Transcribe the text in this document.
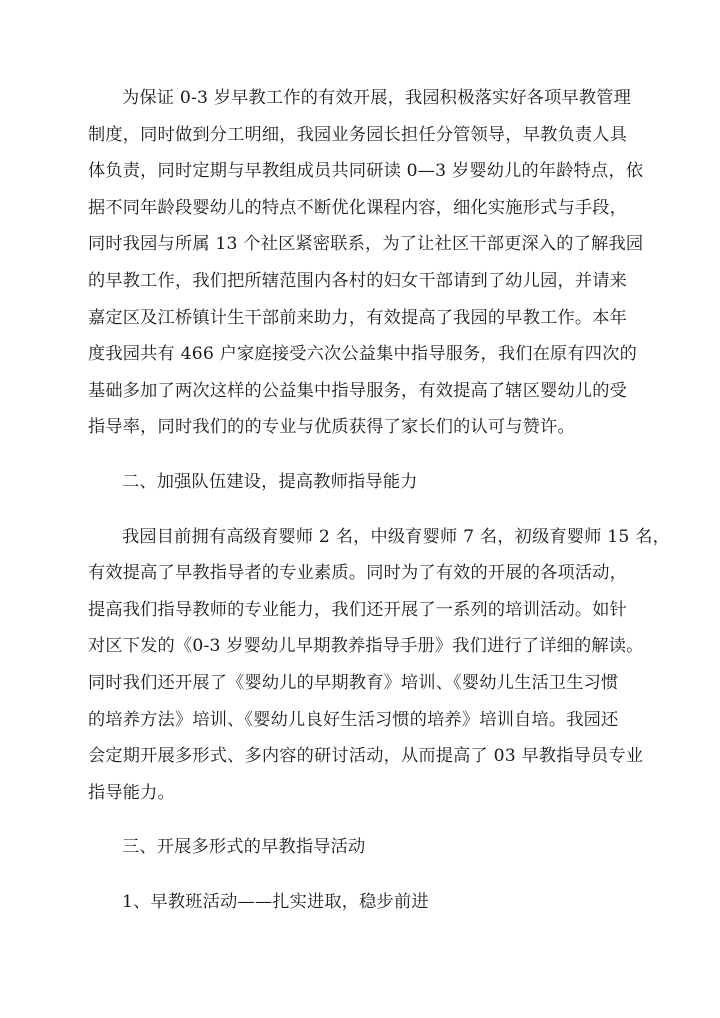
为保证 0-3 岁早教工作的有效开展，我园积极落实好各项早教管理
制度，同时做到分工明细，我园业务园长担任分管领导，早教负责人具
体负责，同时定期与早教组成员共同研读 0—3 岁婴幼儿的年龄特点，依
据不同年龄段婴幼儿的特点不断优化课程内容，细化实施形式与手段，
同时我园与所属 13 个社区紧密联系，为了让社区干部更深入的了解我园
的早教工作，我们把所辖范围内各村的妇女干部请到了幼儿园，并请来
嘉定区及江桥镇计生干部前来助力，有效提高了我园的早教工作。本年
度我园共有 466 户家庭接受六次公益集中指导服务，我们在原有四次的
基础多加了两次这样的公益集中指导服务，有效提高了辖区婴幼儿的受
指导率，同时我们的的专业与优质获得了家长们的认可与赞许。

二、加强队伍建设，提高教师指导能力

我园目前拥有高级育婴师 2 名，中级育婴师 7 名，初级育婴师 15 名，
有效提高了早教指导者的专业素质。同时为了有效的开展的各项活动，
提高我们指导教师的专业能力，我们还开展了一系列的培训活动。如针
对区下发的《0-3 岁婴幼儿早期教养指导手册》我们进行了详细的解读。
同时我们还开展了《婴幼儿的早期教育》培训、《婴幼儿生活卫生习惯
的培养方法》培训、《婴幼儿良好生活习惯的培养》培训自培。我园还
会定期开展多形式、多内容的研讨活动，从而提高了 03 早教指导员专业
指导能力。

三、开展多形式的早教指导活动

1、早教班活动——扎实进取，稳步前进
